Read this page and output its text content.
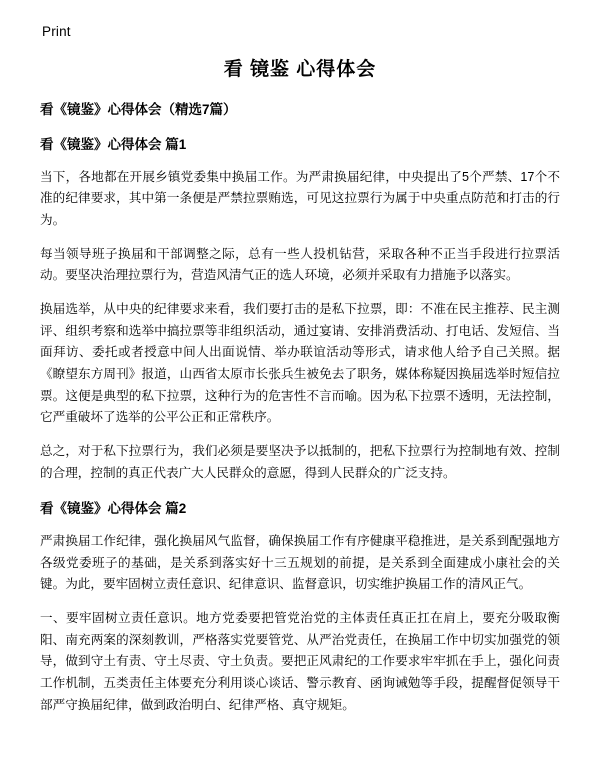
Print
看 镜鉴 心得体会
看《镜鉴》心得体会（精选7篇）
看《镜鉴》心得体会 篇1

当下，各地都在开展乡镇党委集中换届工作。为严肃换届纪律，中央提出了5个严禁、17个不准的纪律要求，其中第一条便是严禁拉票贿选，可见这拉票行为属于中央重点防范和打击的行为。

每当领导班子换届和干部调整之际，总有一些人投机钻营，采取各种不正当手段进行拉票活动。要坚决治理拉票行为，营造风清气正的选人环境，必须并采取有力措施予以落实。

换届选举，从中央的纪律要求来看，我们要打击的是私下拉票，即：不准在民主推荐、民主测评、组织考察和选举中搞拉票等非组织活动，通过宴请、安排消费活动、打电话、发短信、当面拜访、委托或者授意中间人出面说情、举办联谊活动等形式，请求他人给予自己关照。据《瞭望东方周刊》报道，山西省太原市长张兵生被免去了职务，媒体称疑因换届选举时短信拉票。这便是典型的私下拉票，这种行为的危害性不言而喻。因为私下拉票不透明，无法控制，它严重破坏了选举的公平公正和正常秩序。

总之，对于私下拉票行为，我们必须是要坚决予以抵制的，把私下拉票行为控制地有效、控制的合理，控制的真正代表广大人民群众的意愿，得到人民群众的广泛支持。

看《镜鉴》心得体会 篇2

严肃换届工作纪律，强化换届风气监督，确保换届工作有序健康平稳推进，是关系到配强地方各级党委班子的基础，是关系到落实好十三五规划的前提，是关系到全面建成小康社会的关键。为此，要牢固树立责任意识、纪律意识、监督意识，切实维护换届工作的清风正气。

一、要牢固树立责任意识。地方党委要把管党治党的主体责任真正扛在肩上，要充分吸取衡阳、南充两案的深刻教训，严格落实党要管党、从严治党责任，在换届工作中切实加强党的领导，做到守土有责、守土尽责、守土负责。要把正风肃纪的工作要求牢牢抓在手上，强化问责工作机制，五类责任主体要充分利用谈心谈话、警示教育、函询诫勉等手段，提醒督促领导干部严守换届纪律，做到政治明白、纪律严格、真守规矩。
